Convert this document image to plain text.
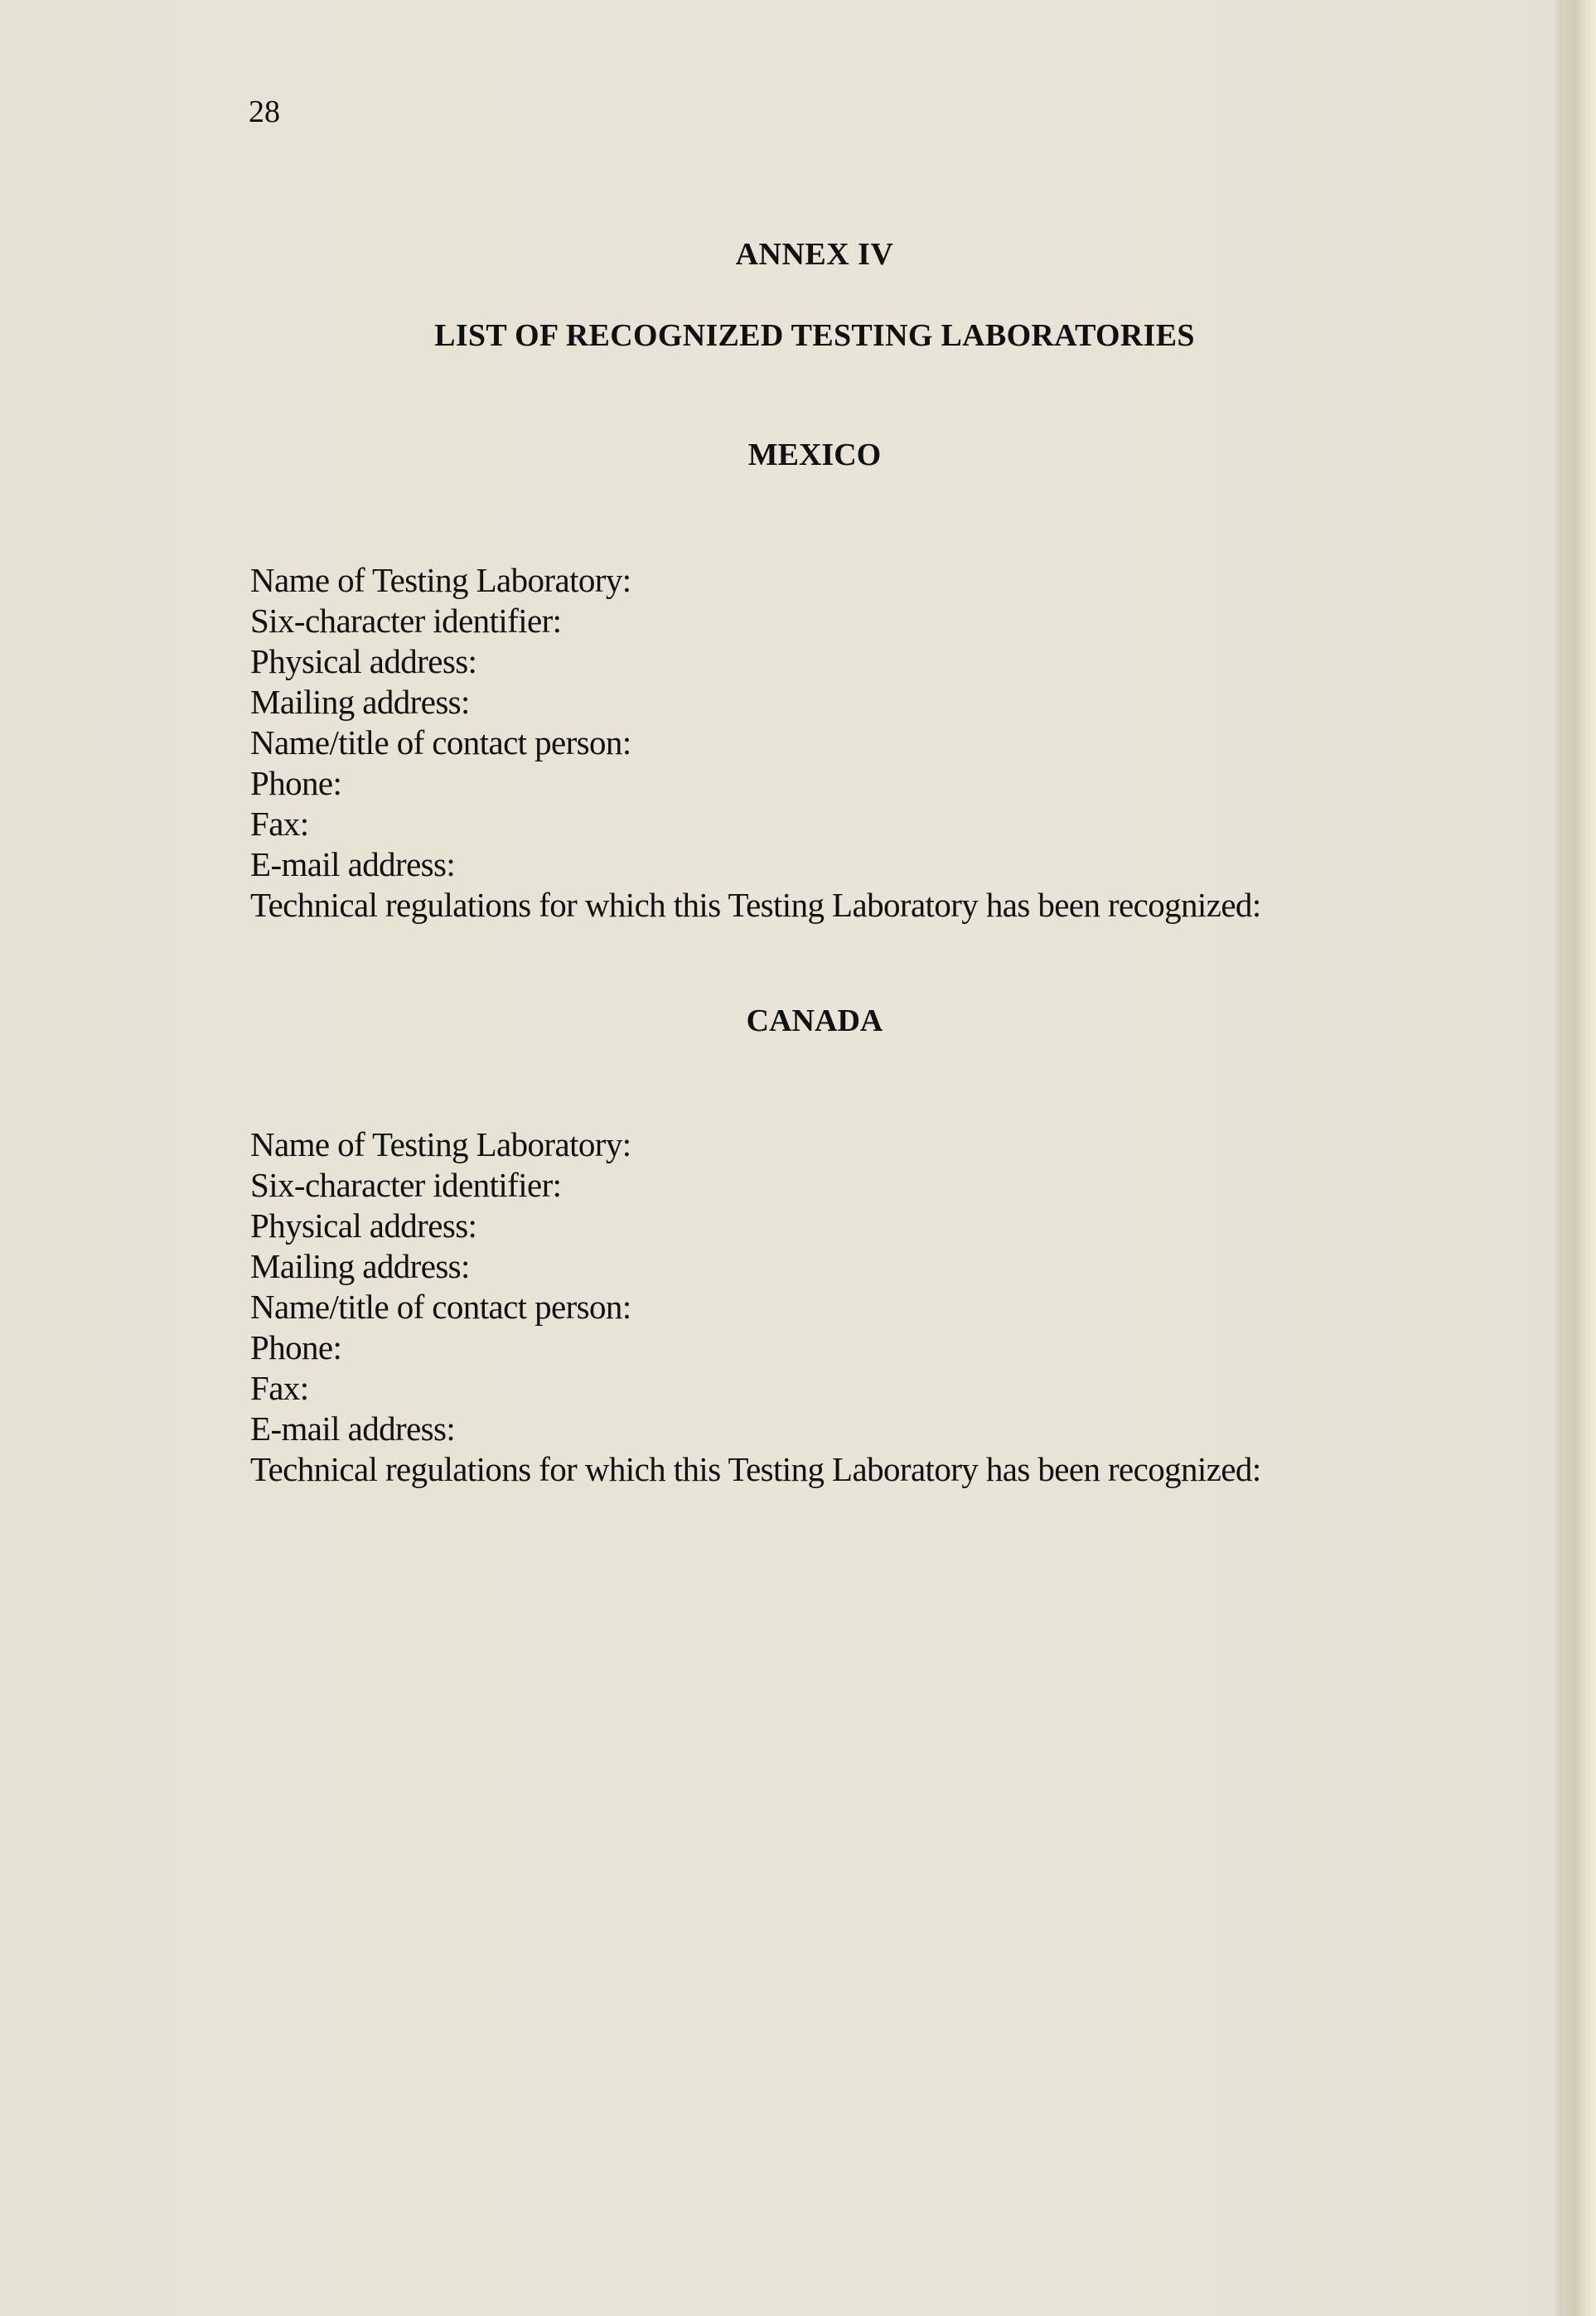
28
ANNEX IV
LIST OF RECOGNIZED TESTING LABORATORIES
MEXICO
Name of Testing Laboratory:
Six-character identifier:
Physical address:
Mailing address:
Name/title of contact person:
Phone:
Fax:
E-mail address:
Technical regulations for which this Testing Laboratory has been recognized:
CANADA
Name of Testing Laboratory:
Six-character identifier:
Physical address:
Mailing address:
Name/title of contact person:
Phone:
Fax:
E-mail address:
Technical regulations for which this Testing Laboratory has been recognized:
